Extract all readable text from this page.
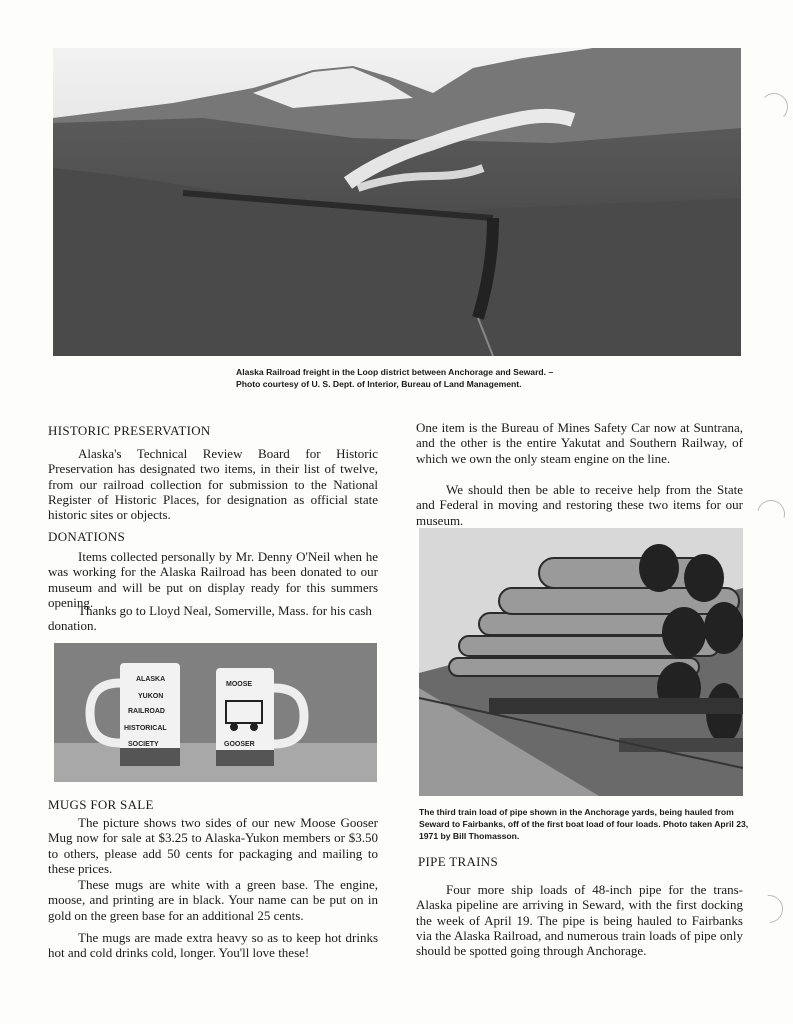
Alaska Railroad freight in the Loop district between Anchorage and Seward. – Photo courtesy of U. S. Dept. of Interior, Bureau of Land Management.
HISTORIC PRESERVATION

Alaska's Technical Review Board for Historic Preservation has designated two items, in their list of twelve, from our railroad collection for submission to the National Register of Historic Places, for designation as official state historic sites or objects.

DONATIONS

Items collected personally by Mr. Denny O'Neil when he was working for the Alaska Railroad has been donated to our museum and will be put on display ready for this summers opening.

Thanks go to Lloyd Neal, Somerville, Mass. for his cash donation.

ALASKA
YUKON
RAILROAD
HISTORICAL
SOCIETY
MOOSE
GOOSER
MUGS FOR SALE

The picture shows two sides of our new Moose Gooser Mug now for sale at $3.25 to Alaska-Yukon members or $3.50 to others, please add 50 cents for packaging and mailing to these prices.

These mugs are white with a green base. The engine, moose, and printing are in black. Your name can be put on in gold on the green base for an additional 25 cents.

The mugs are made extra heavy so as to keep hot drinks hot and cold drinks cold, longer. You'll love these!

One item is the Bureau of Mines Safety Car now at Suntrana, and the other is the entire Yakutat and Southern Railway, of which we own the only steam engine on the line.

We should then be able to receive help from the State and Federal in moving and restoring these two items for our museum.

The third train load of pipe shown in the Anchorage yards, being hauled from Seward to Fairbanks, off of the first boat load of four loads. Photo taken April 23, 1971 by Bill Thomasson.
PIPE TRAINS

Four more ship loads of 48-inch pipe for the trans-Alaska pipeline are arriving in Seward, with the first docking the week of April 19. The pipe is being hauled to Fairbanks via the Alaska Railroad, and numerous train loads of pipe only should be spotted going through Anchorage.
